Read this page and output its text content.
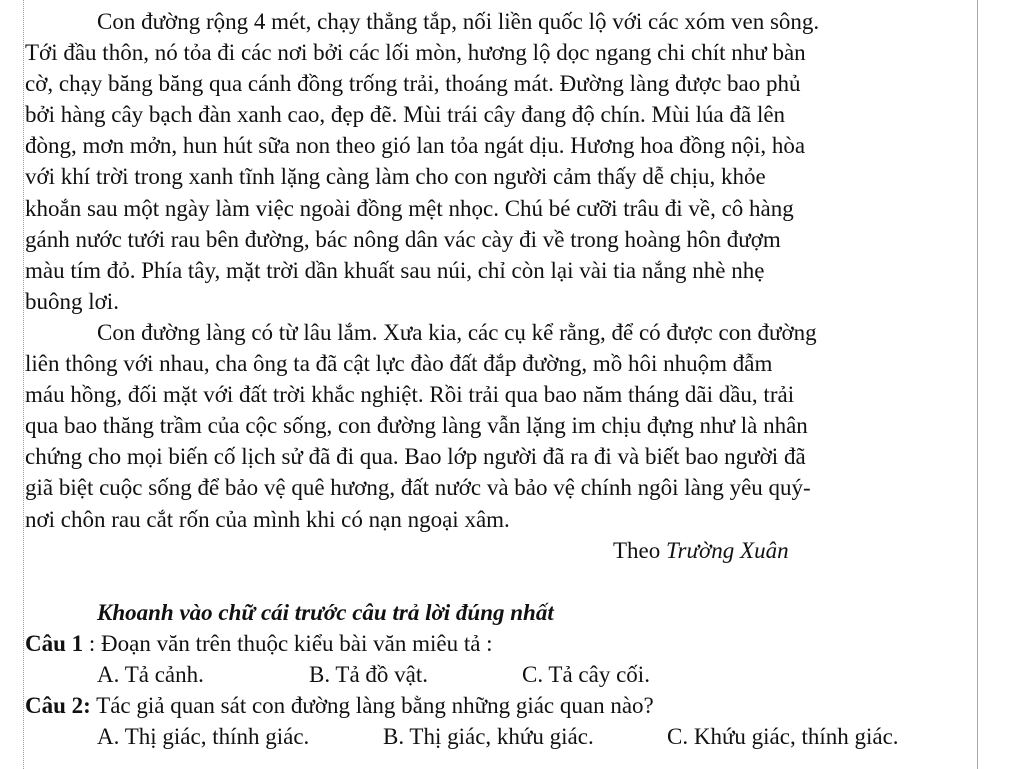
Con đường rộng 4 mét, chạy thẳng tắp, nối liền quốc lộ với các xóm ven sông.
Tới đầu thôn, nó tỏa đi các nơi bởi các lối mòn, hương lộ dọc ngang chi chít như bàn
cờ, chạy băng băng qua cánh đồng trống trải, thoáng mát. Đường làng được bao phủ
bởi hàng cây bạch đàn xanh cao, đẹp đẽ. Mùi trái cây đang độ chín. Mùi lúa đã lên
đòng, mơn mởn, hun hút sữa non theo gió lan tỏa ngát dịu. Hương hoa đồng nội, hòa
với khí trời trong xanh tĩnh lặng càng làm cho con người cảm thấy dễ chịu, khỏe
khoắn sau một ngày làm việc ngoài đồng mệt nhọc. Chú bé cưỡi trâu đi về, cô hàng
gánh nước tưới rau bên đường, bác nông dân vác cày đi về trong hoàng hôn đượm
màu tím đỏ. Phía tây, mặt trời dần khuất sau núi, chỉ còn lại vài tia nắng nhè nhẹ
buông lơi.
Con đường làng có từ lâu lắm. Xưa kia, các cụ kể rằng, để có được con đường
liên thông với nhau, cha ông ta đã cật lực đào đất đắp đường, mồ hôi nhuộm đẫm
máu hồng, đối mặt với đất trời khắc nghiệt. Rồi trải qua bao năm tháng dãi dầu, trải
qua bao thăng trầm của cộc sống, con đường làng vẫn lặng im chịu đựng như là nhân
chứng cho mọi biến cố lịch sử đã đi qua. Bao lớp người đã ra đi và biết bao người đã
giã biệt cuộc sống để bảo vệ quê hương, đất nước và bảo vệ chính ngôi làng yêu quý-
nơi chôn rau cắt rốn của mình khi có nạn ngoại xâm.
Theo Trường Xuân
Khoanh vào chữ cái trước câu trả lời đúng nhất
Câu 1 : Đoạn văn trên thuộc kiểu bài văn miêu tả :
A. Tả cảnh.	B. Tả đồ vật.	C. Tả cây cối.
Câu 2: Tác giả quan sát con đường làng bằng những giác quan nào?
A. Thị giác, thính giác.	B. Thị giác, khứu giác.	C. Khứu giác, thính giác.
